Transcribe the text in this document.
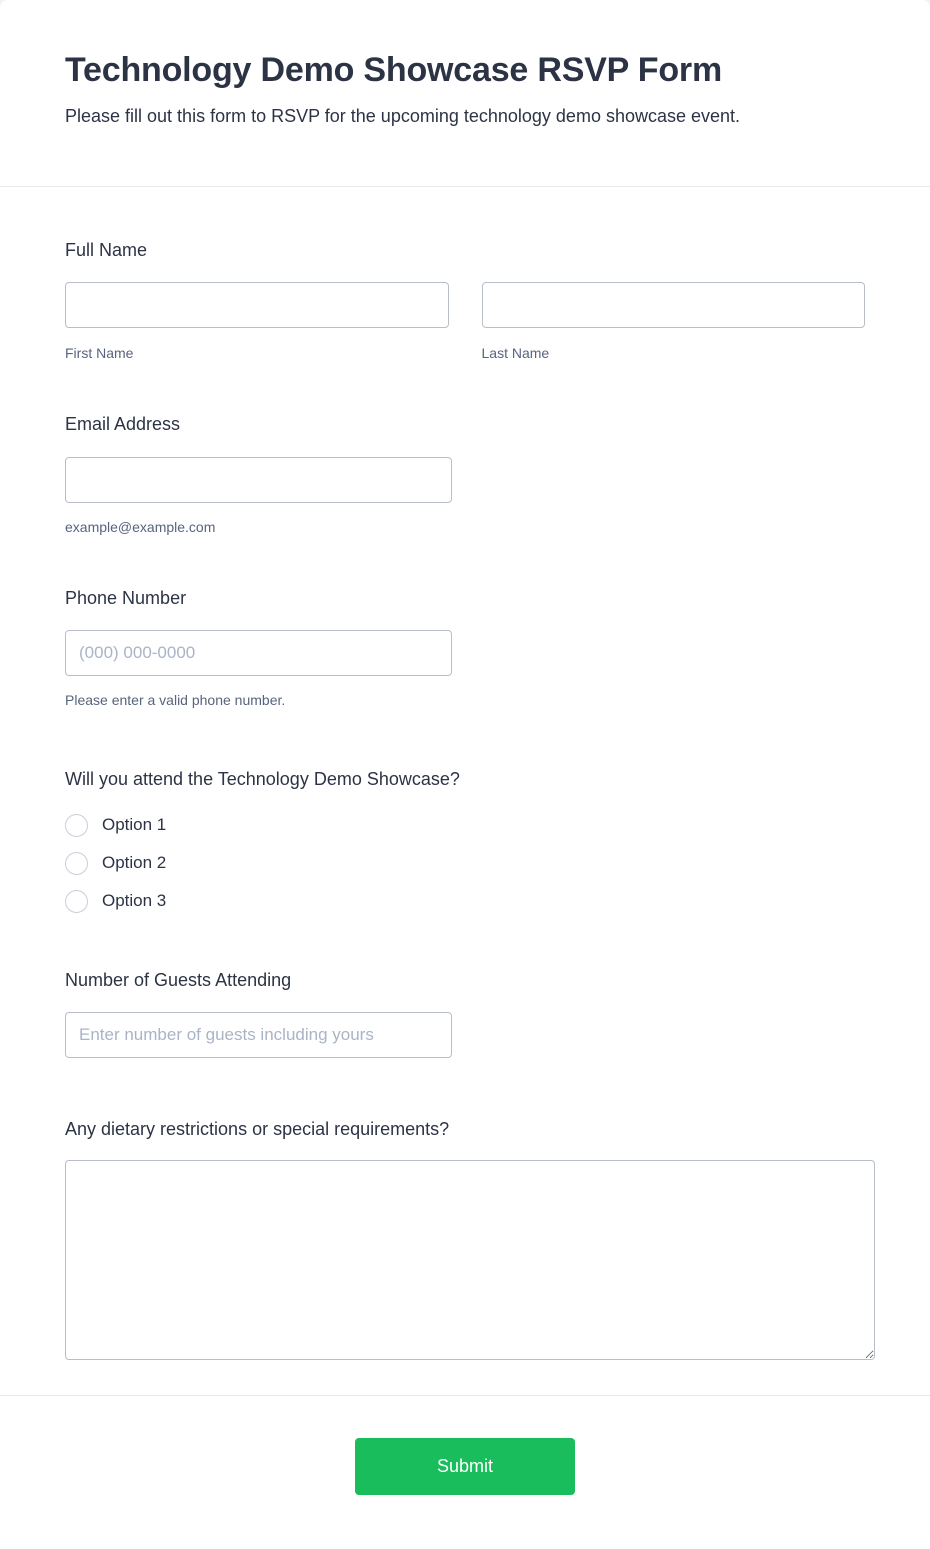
Technology Demo Showcase RSVP Form
Please fill out this form to RSVP for the upcoming technology demo showcase event.
Full Name
First Name	Last Name
Email Address
example@example.com
Phone Number
(000) 000-0000
Please enter a valid phone number.
Will you attend the Technology Demo Showcase?
Option 1
Option 2
Option 3
Number of Guests Attending
Enter number of guests including yours
Any dietary restrictions or special requirements?
Submit
